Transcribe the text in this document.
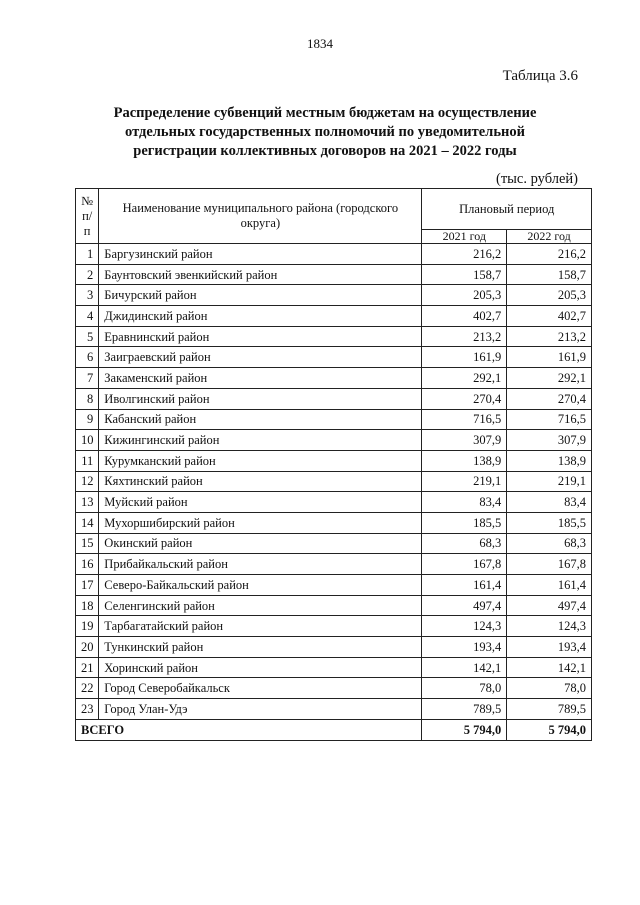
1834
Таблица 3.6
Распределение субвенций местным бюджетам на осуществление отдельных государственных полномочий по уведомительной регистрации коллективных договоров на 2021 – 2022 годы
(тыс. рублей)
№ п/п	Наименование муниципального района (городского округа)	Плановый период	
		2021 год	2022 год
1	Баргузинский район	216,2	216,2
2	Баунтовский эвенкийский район	158,7	158,7
3	Бичурский район	205,3	205,3
4	Джидинский район	402,7	402,7
5	Еравнинский район	213,2	213,2
6	Заиграевский район	161,9	161,9
7	Закаменский район	292,1	292,1
8	Иволгинский район	270,4	270,4
9	Кабанский район	716,5	716,5
10	Кижингинский район	307,9	307,9
11	Курумканский район	138,9	138,9
12	Кяхтинский район	219,1	219,1
13	Муйский район	83,4	83,4
14	Мухоршибирский район	185,5	185,5
15	Окинский район	68,3	68,3
16	Прибайкальский район	167,8	167,8
17	Северо-Байкальский район	161,4	161,4
18	Селенгинский район	497,4	497,4
19	Тарбагатайский район	124,3	124,3
20	Тункинский район	193,4	193,4
21	Хоринский район	142,1	142,1
22	Город Северобайкальск	78,0	78,0
23	Город Улан-Удэ	789,5	789,5
ВСЕГО		5 794,0	5 794,0
